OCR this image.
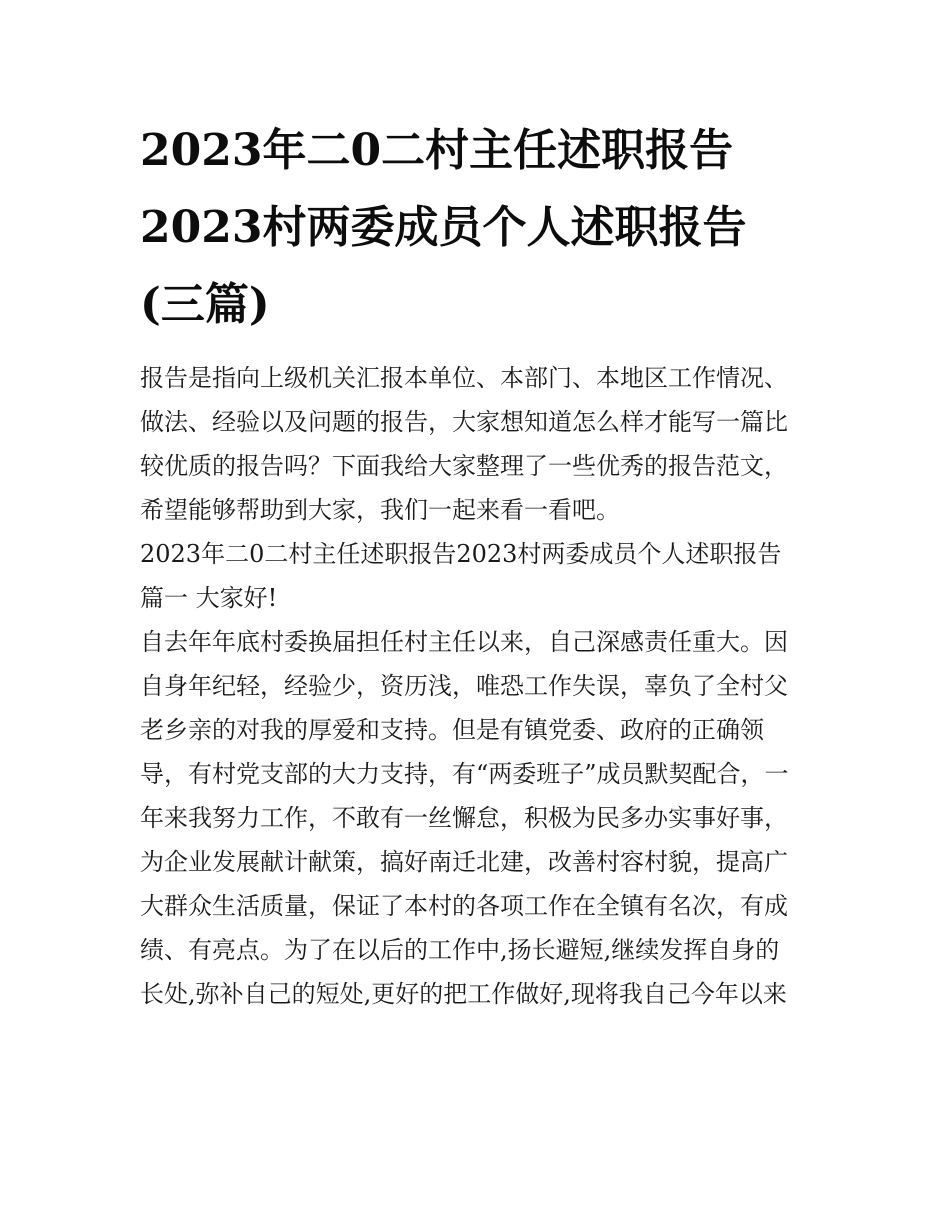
2023年二0二村主任述职报告
2023村两委成员个人述职报告
(三篇)
报告是指向上级机关汇报本单位、本部门、本地区工作情况、
做法、经验以及问题的报告，大家想知道怎么样才能写一篇比
较优质的报告吗？下面我给大家整理了一些优秀的报告范文，
希望能够帮助到大家，我们一起来看一看吧。
2023年二0二村主任述职报告2023村两委成员个人述职报告
篇一 大家好!
自去年年底村委换届担任村主任以来，自己深感责任重大。因
自身年纪轻，经验少，资历浅，唯恐工作失误，辜负了全村父
老乡亲的对我的厚爱和支持。但是有镇党委、政府的正确领
导，有村党支部的大力支持，有“两委班子”成员默契配合，一
年来我努力工作，不敢有一丝懈怠，积极为民多办实事好事，
为企业发展献计献策，搞好南迁北建，改善村容村貌，提高广
大群众生活质量，保证了本村的各项工作在全镇有名次，有成
绩、有亮点。为了在以后的工作中,扬长避短,继续发挥自身的
长处,弥补自己的短处,更好的把工作做好,现将我自己今年以来
